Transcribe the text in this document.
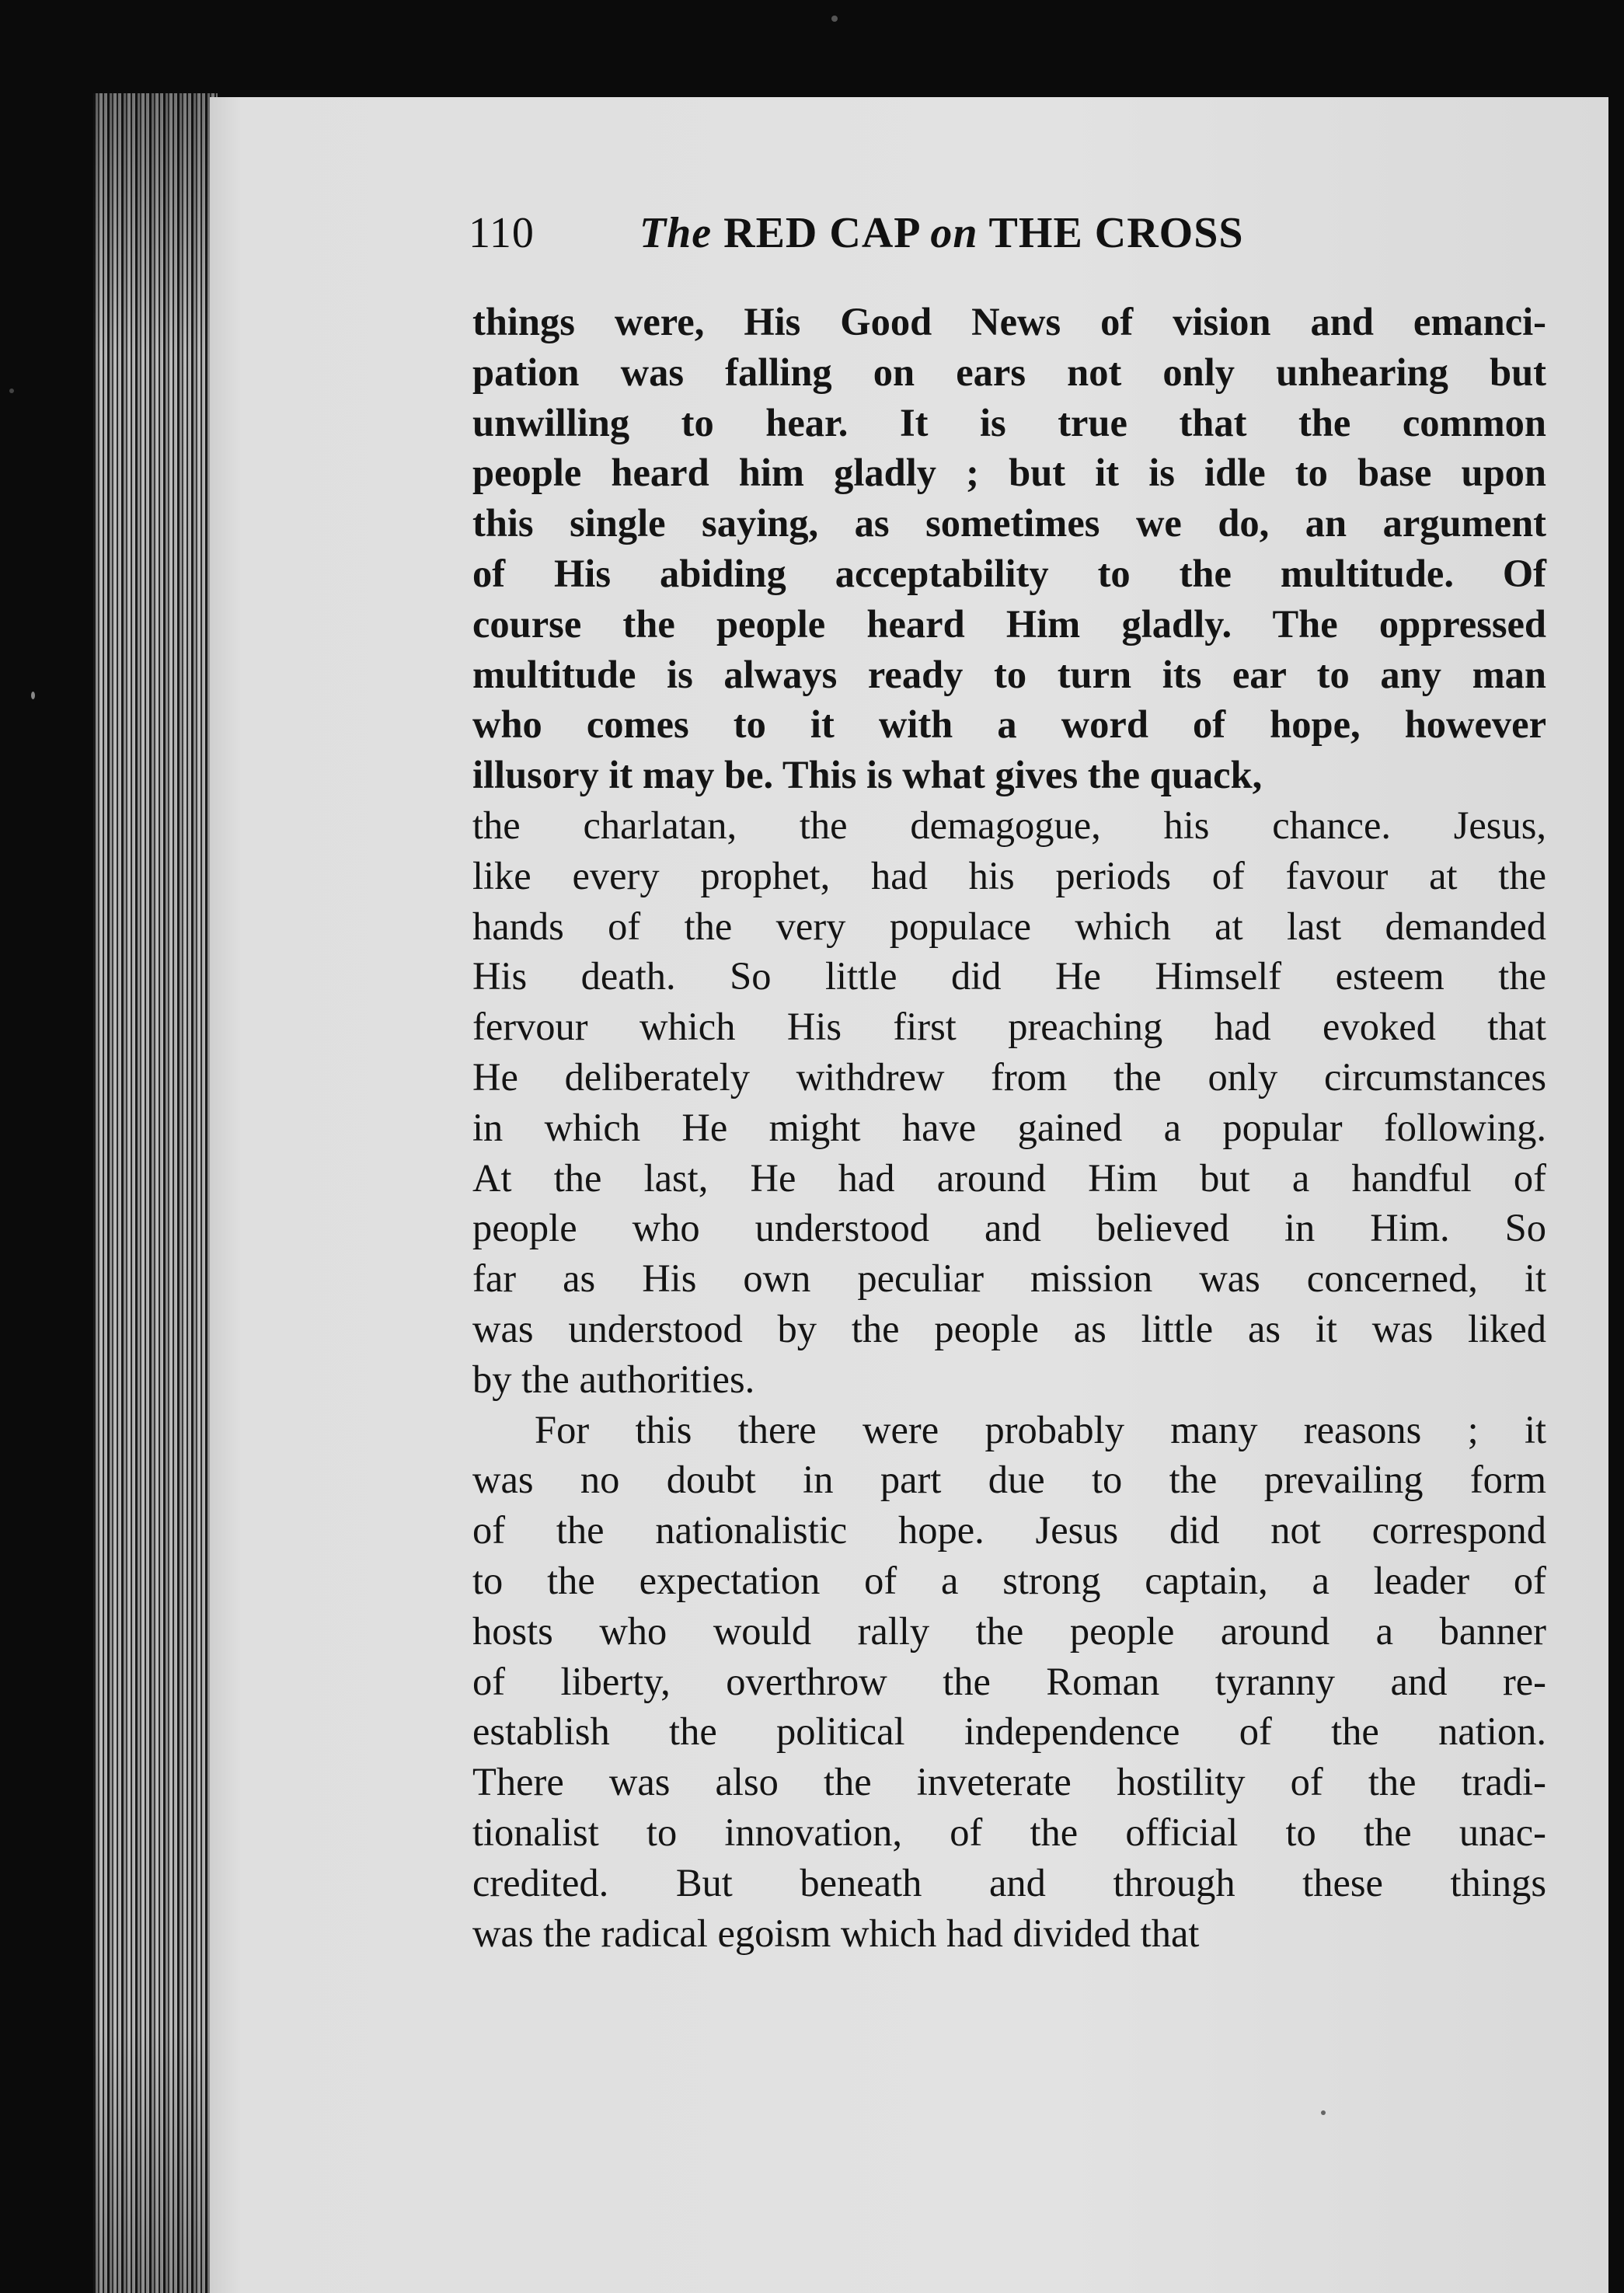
110 The RED CAP on THE CROSS
things were, His Good News of vision and emanci-
pation was falling on ears not only unhearing but
unwilling to hear. It is true that the common
people heard him gladly ; but it is idle to base upon
this single saying, as sometimes we do, an argument
of His abiding acceptability to the multitude. Of
course the people heard Him gladly. The oppressed
multitude is always ready to turn its ear to any man
who comes to it with a word of hope, however
illusory it may be. This is what gives the quack,
the charlatan, the demagogue, his chance. Jesus,
like every prophet, had his periods of favour at the
hands of the very populace which at last demanded
His death. So little did He Himself esteem the
fervour which His first preaching had evoked that
He deliberately withdrew from the only circumstances
in which He might have gained a popular following.
At the last, He had around Him but a handful of
people who understood and believed in Him. So
far as His own peculiar mission was concerned, it
was understood by the people as little as it was liked
by the authorities.
For this there were probably many reasons ; it
was no doubt in part due to the prevailing form
of the nationalistic hope. Jesus did not correspond
to the expectation of a strong captain, a leader of
hosts who would rally the people around a banner
of liberty, overthrow the Roman tyranny and re-
establish the political independence of the nation.
There was also the inveterate hostility of the tradi-
tionalist to innovation, of the official to the unac-
credited. But beneath and through these things
was the radical egoism which had divided that
